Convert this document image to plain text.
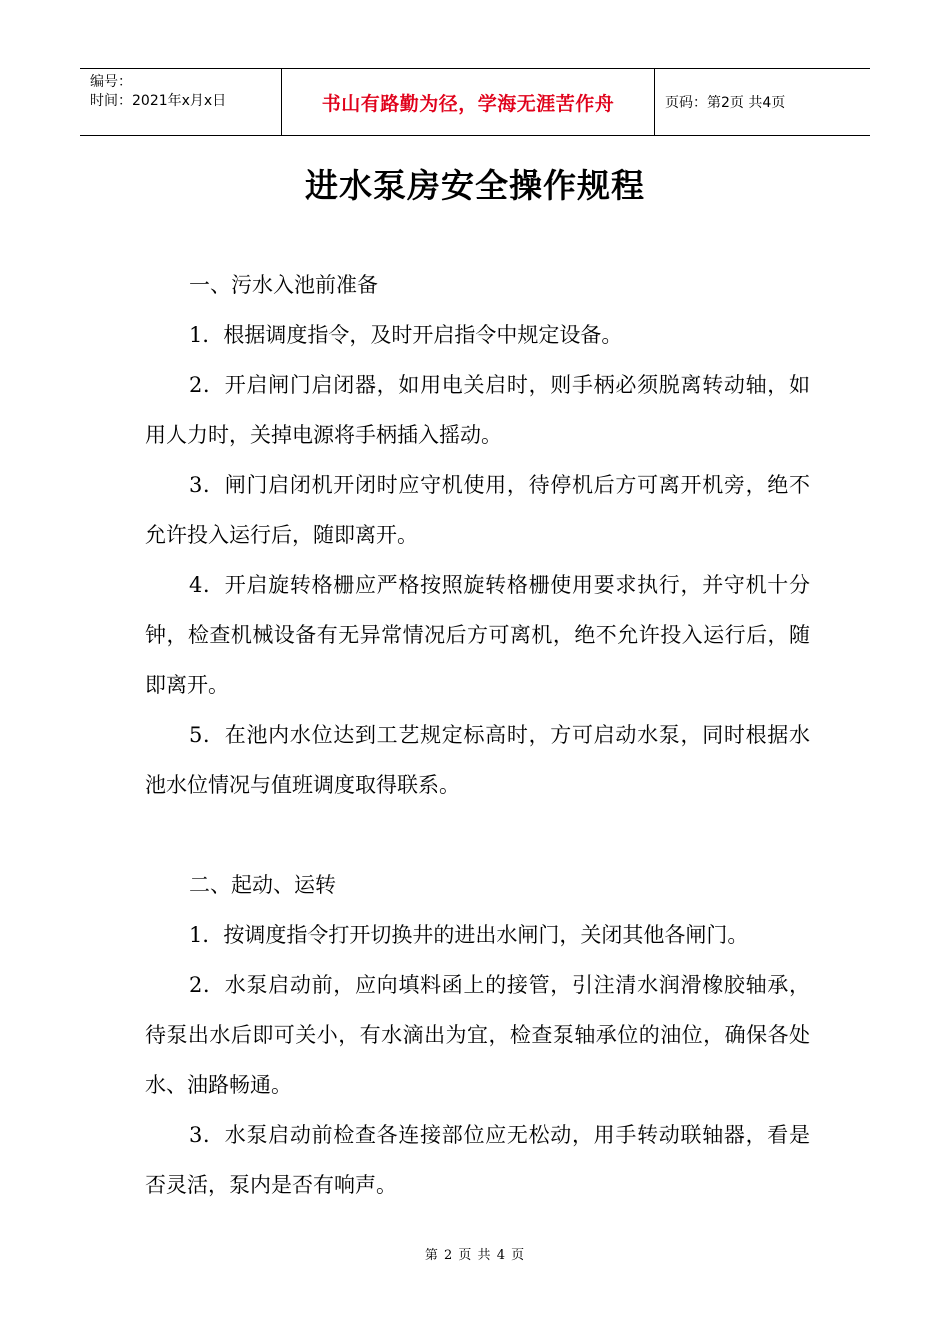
编号：
时间：2021年x月x日	书山有路勤为径，学海无涯苦作舟	页码：第2页 共4页
进水泵房安全操作规程

一、污水入池前准备

1．根据调度指令，及时开启指令中规定设备。

2．开启闸门启闭器，如用电关启时，则手柄必须脱离转动轴，如用人力时，关掉电源将手柄插入摇动。

3．闸门启闭机开闭时应守机使用，待停机后方可离开机旁，绝不允许投入运行后，随即离开。

4．开启旋转格栅应严格按照旋转格栅使用要求执行，并守机十分钟，检查机械设备有无异常情况后方可离机，绝不允许投入运行后，随即离开。

5．在池内水位达到工艺规定标高时，方可启动水泵，同时根据水池水位情况与值班调度取得联系。

二、起动、运转

1．按调度指令打开切换井的进出水闸门，关闭其他各闸门。

2．水泵启动前，应向填料函上的接管，引注清水润滑橡胶轴承，待泵出水后即可关小，有水滴出为宜，检查泵轴承位的油位，确保各处水、油路畅通。

3．水泵启动前检查各连接部位应无松动，用手转动联轴器，看是否灵活，泵内是否有响声。

第 2 页 共 4 页
